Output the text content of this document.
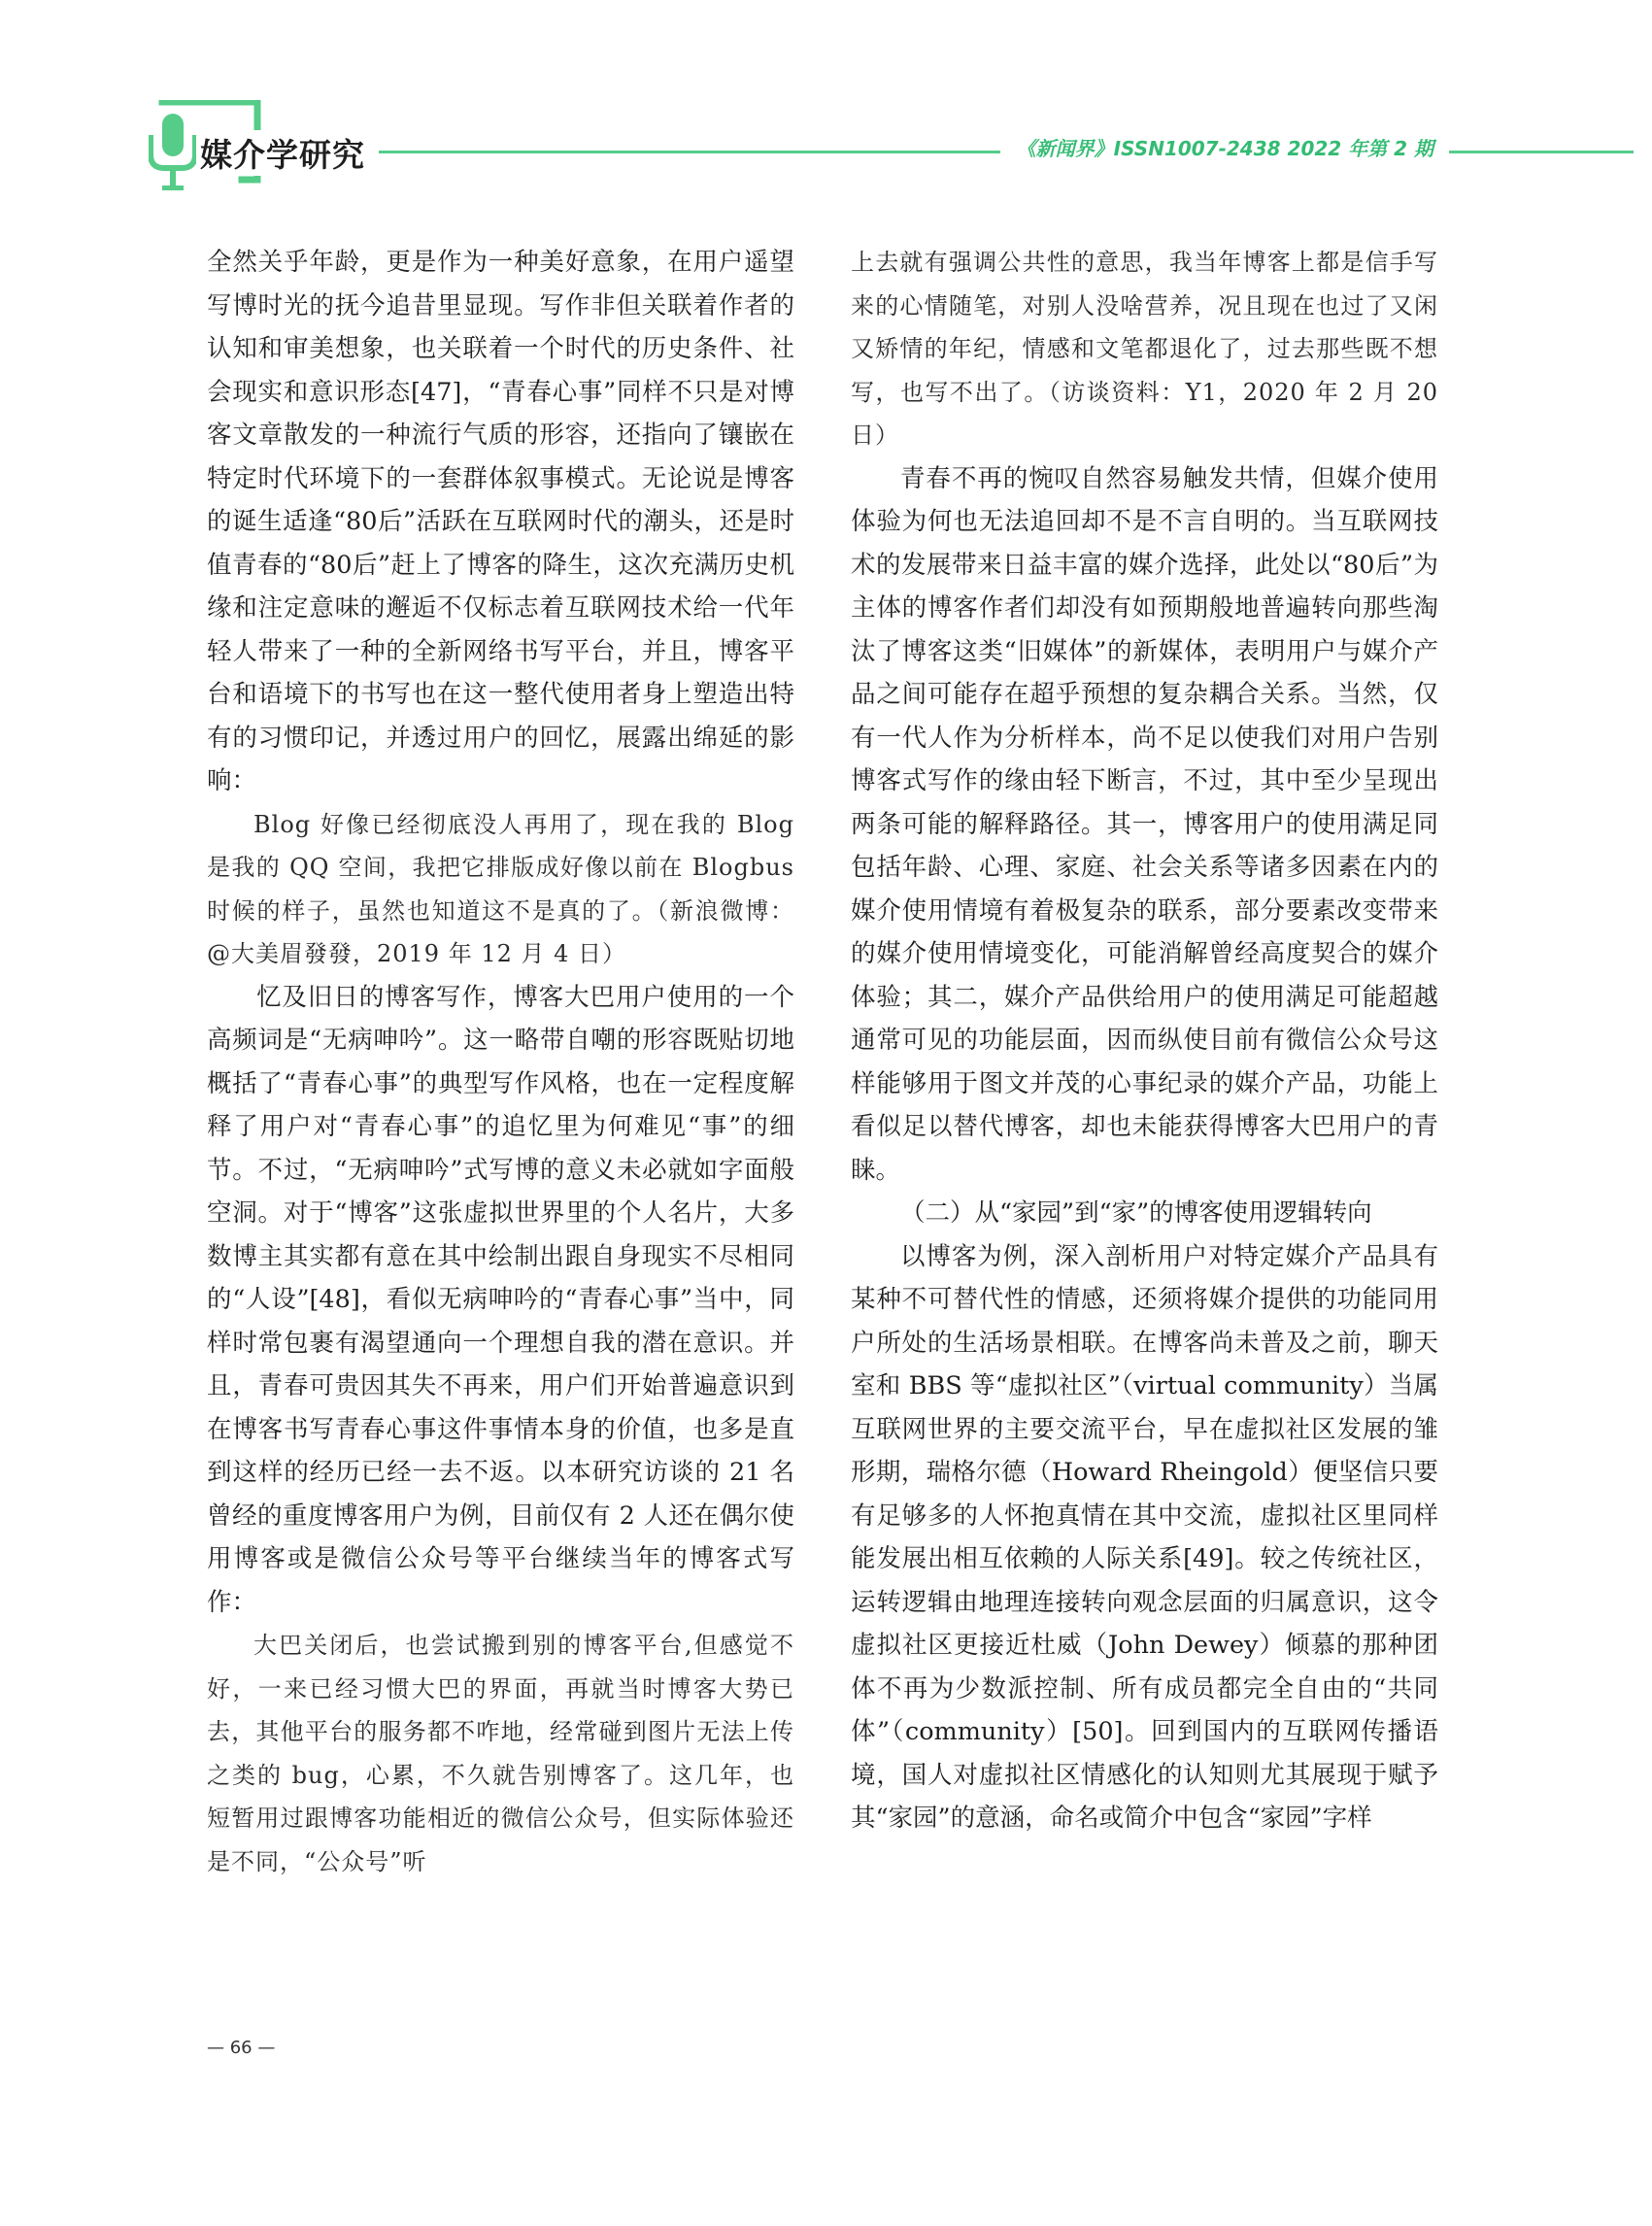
媒介学研究	《新闻界》ISSN1007-2438 2022 年第 2 期

全然关乎年龄，更是作为一种美好意象，在用户遥望写博时光的抚今追昔里显现。写作非但关联着作者的认知和审美想象，也关联着一个时代的历史条件、社会现实和意识形态[47]，“青春心事”同样不只是对博客文章散发的一种流行气质的形容，还指向了镶嵌在特定时代环境下的一套群体叙事模式。无论说是博客的诞生适逢“80后”活跃在互联网时代的潮头，还是时值青春的“80后”赶上了博客的降生，这次充满历史机缘和注定意味的邂逅不仅标志着互联网技术给一代年轻人带来了一种的全新网络书写平台，并且，博客平台和语境下的书写也在这一整代使用者身上塑造出特有的习惯印记，并透过用户的回忆，展露出绵延的影响：

Blog 好像已经彻底没人再用了，现在我的 Blog 是我的 QQ 空间，我把它排版成好像以前在 Blogbus 时候的样子，虽然也知道这不是真的了。（新浪微博：@大美眉發發，2019 年 12 月 4 日）

忆及旧日的博客写作，博客大巴用户使用的一个高频词是“无病呻吟”。这一略带自嘲的形容既贴切地概括了“青春心事”的典型写作风格，也在一定程度解释了用户对“青春心事”的追忆里为何难见“事”的细节。不过，“无病呻吟”式写博的意义未必就如字面般空洞。对于“博客”这张虚拟世界里的个人名片，大多数博主其实都有意在其中绘制出跟自身现实不尽相同的“人设”[48]，看似无病呻吟的“青春心事”当中，同样时常包裹有渴望通向一个理想自我的潜在意识。并且，青春可贵因其失不再来，用户们开始普遍意识到在博客书写青春心事这件事情本身的价值，也多是直到这样的经历已经一去不返。以本研究访谈的 21 名曾经的重度博客用户为例，目前仅有 2 人还在偶尔使用博客或是微信公众号等平台继续当年的博客式写作：

大巴关闭后，也尝试搬到别的博客平台,但感觉不好，一来已经习惯大巴的界面，再就当时博客大势已去，其他平台的服务都不咋地，经常碰到图片无法上传之类的 bug，心累，不久就告别博客了。这几年，也短暂用过跟博客功能相近的微信公众号，但实际体验还是不同，“公众号”听

上去就有强调公共性的意思，我当年博客上都是信手写来的心情随笔，对别人没啥营养，况且现在也过了又闲又矫情的年纪，情感和文笔都退化了，过去那些既不想写，也写不出了。（访谈资料：Y1，2020 年 2 月 20 日）

青春不再的惋叹自然容易触发共情，但媒介使用体验为何也无法追回却不是不言自明的。当互联网技术的发展带来日益丰富的媒介选择，此处以“80后”为主体的博客作者们却没有如预期般地普遍转向那些淘汰了博客这类“旧媒体”的新媒体，表明用户与媒介产品之间可能存在超乎预想的复杂耦合关系。当然，仅有一代人作为分析样本，尚不足以使我们对用户告别博客式写作的缘由轻下断言，不过，其中至少呈现出两条可能的解释路径。其一，博客用户的使用满足同包括年龄、心理、家庭、社会关系等诸多因素在内的媒介使用情境有着极复杂的联系，部分要素改变带来的媒介使用情境变化，可能消解曾经高度契合的媒介体验；其二，媒介产品供给用户的使用满足可能超越通常可见的功能层面，因而纵使目前有微信公众号这样能够用于图文并茂的心事纪录的媒介产品，功能上看似足以替代博客，却也未能获得博客大巴用户的青睐。

（二）从“家园”到“家”的博客使用逻辑转向

以博客为例，深入剖析用户对特定媒介产品具有某种不可替代性的情感，还须将媒介提供的功能同用户所处的生活场景相联。在博客尚未普及之前，聊天室和 BBS 等“虚拟社区”（virtual community）当属互联网世界的主要交流平台，早在虚拟社区发展的雏形期，瑞格尔德（Howard Rheingold）便坚信只要有足够多的人怀抱真情在其中交流，虚拟社区里同样能发展出相互依赖的人际关系[49]。较之传统社区，运转逻辑由地理连接转向观念层面的归属意识，这令虚拟社区更接近杜威（John Dewey）倾慕的那种团体不再为少数派控制、所有成员都完全自由的“共同体”（community）[50]。回到国内的互联网传播语境，国人对虚拟社区情感化的认知则尤其展现于赋予其“家园”的意涵，命名或简介中包含“家园”字样

— 66 —
